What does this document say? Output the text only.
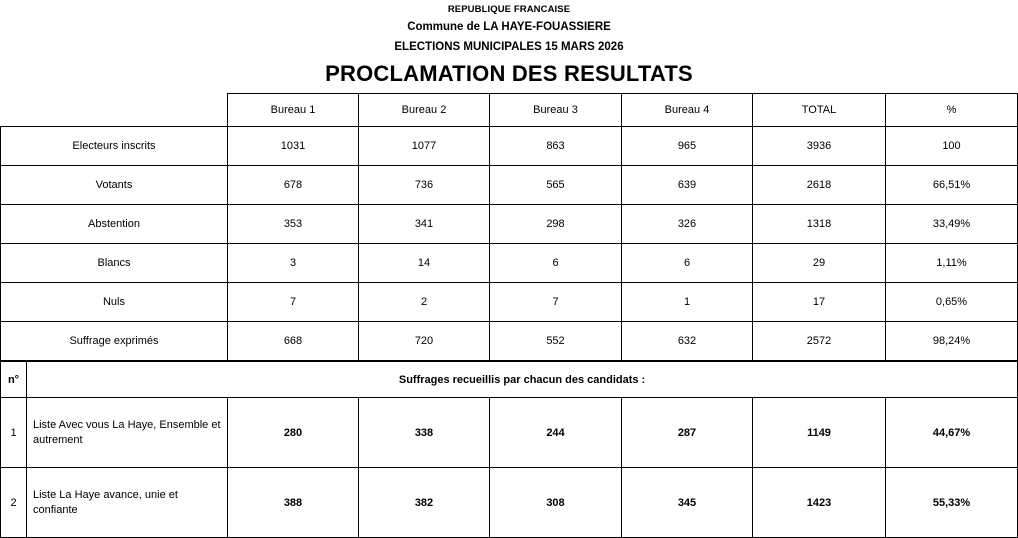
REPUBLIQUE FRANCAISE
Commune de LA HAYE-FOUASSIERE
ELECTIONS MUNICIPALES 15 MARS 2026
PROCLAMATION DES RESULTATS
	Bureau 1	Bureau 2	Bureau 3	Bureau 4	TOTAL	%
Electeurs inscrits	1031	1077	863	965	3936	100
Votants	678	736	565	639	2618	66,51%
Abstention	353	341	298	326	1318	33,49%
Blancs	3	14	6	6	29	1,11%
Nuls	7	2	7	1	17	0,65%
Suffrage exprimés	668	720	552	632	2572	98,24%
n°	Suffrages recueillis par chacun des candidats :						
1	Liste Avec vous La Haye, Ensemble et autrement	280	338	244	287	1149	44,67%
2	Liste La Haye avance, unie et confiante	388	382	308	345	1423	55,33%
